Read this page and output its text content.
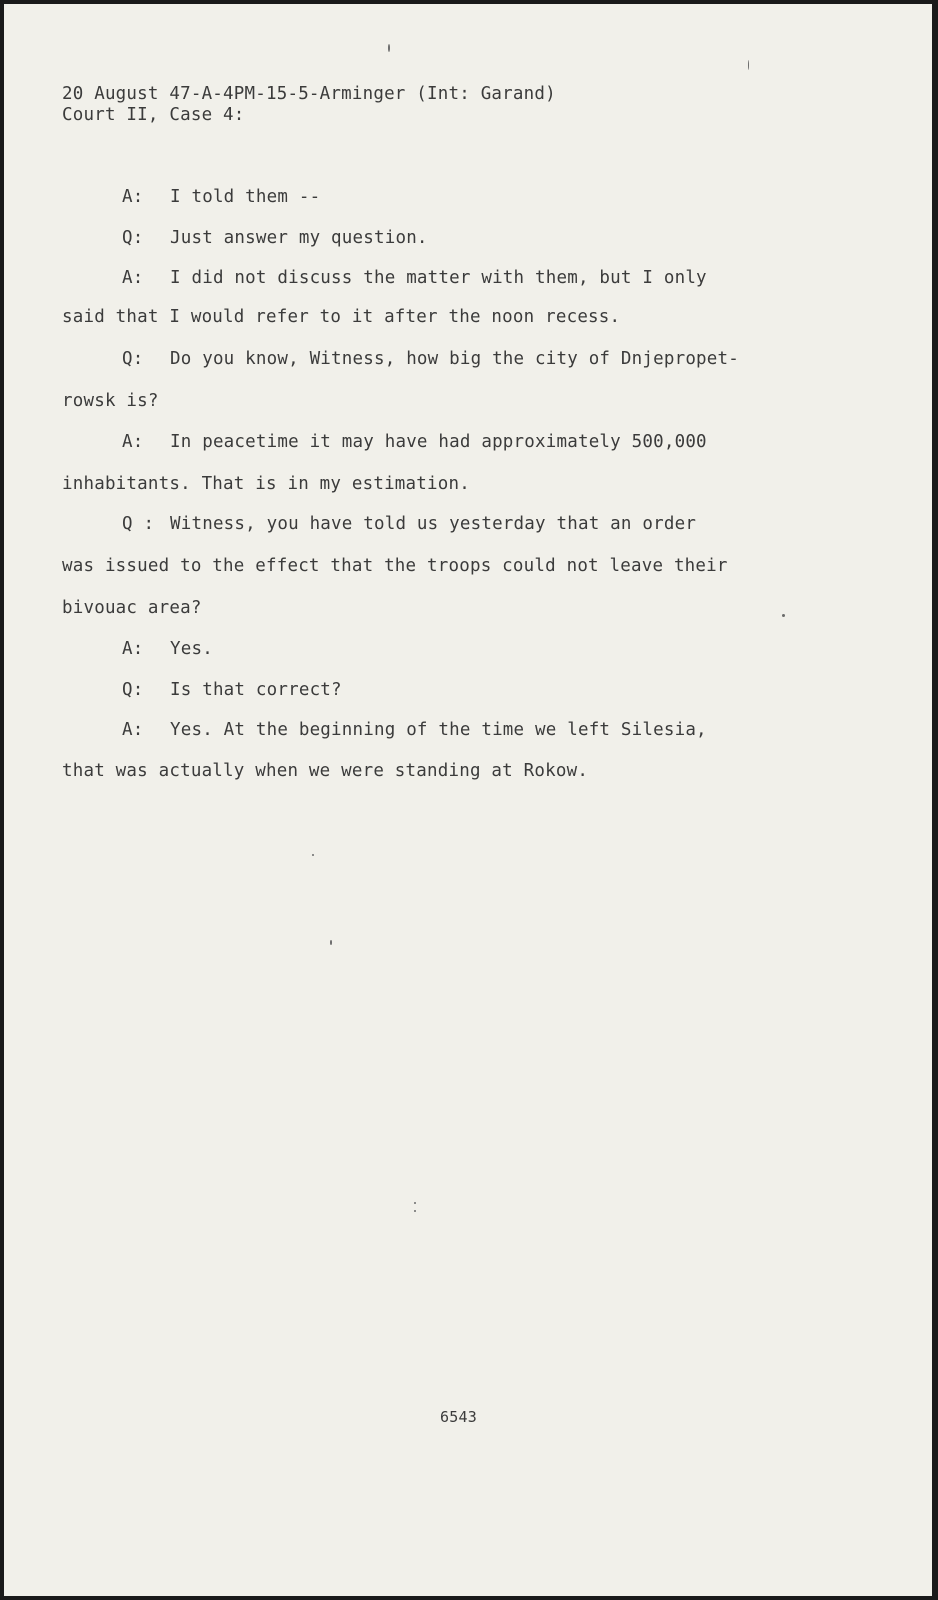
20 August 47-A-4PM-15-5-Arminger (Int: Garand)
Court II, Case 4:
A: I told them --
Q: Just answer my question.
A: I did not discuss the matter with them, but I only
said that I would refer to it after the noon recess.
Q: Do you know, Witness, how big the city of Dnjepropet-
rowsk is?
A: In peacetime it may have had approximately 500,000
inhabitants. That is in my estimation.
Q : Witness, you have told us yesterday that an order
was issued to the effect that the troops could not leave their
bivouac area?
A: Yes.
Q: Is that correct?
A: Yes. At the beginning of the time we left Silesia,
that was actually when we were standing at Rokow.
6543
